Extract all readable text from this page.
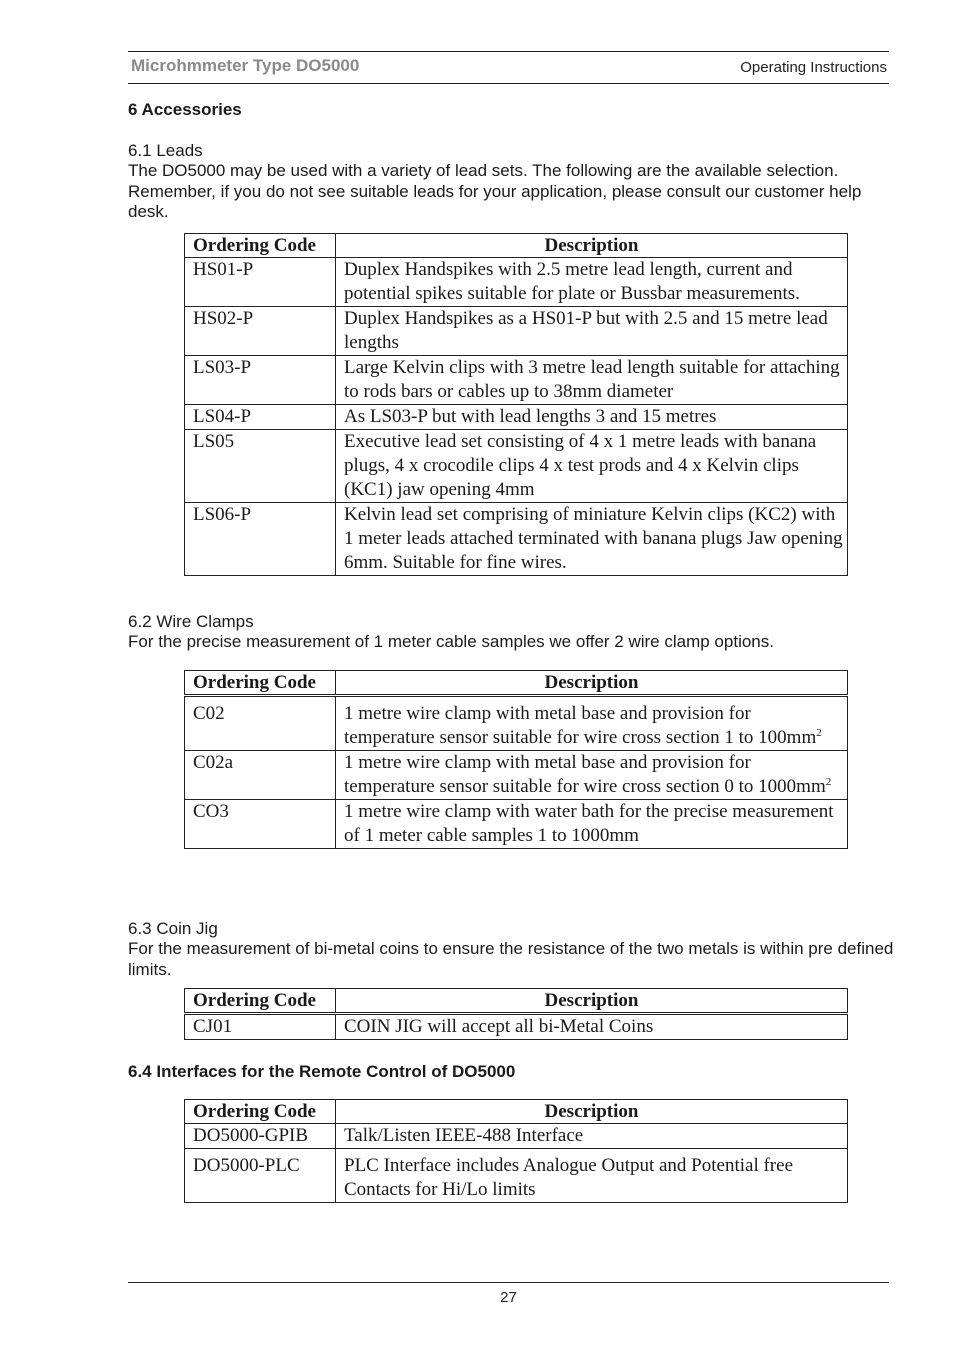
Microhmmeter Type DO5000	Operating Instructions
6 Accessories
6.1 Leads
The DO5000 may be used with a variety of lead sets. The following are the available selection. Remember, if you do not see suitable leads for your application, please consult our customer help desk.
Ordering Code	Description
HS01-P	Duplex Handspikes with 2.5 metre lead length, current and potential spikes suitable for plate or Bussbar measurements.
HS02-P	Duplex Handspikes as a HS01-P but with 2.5 and 15 metre lead lengths
LS03-P	Large Kelvin clips with 3 metre lead length suitable for attaching to rods bars or cables up to 38mm diameter
LS04-P	As LS03-P but with lead lengths 3 and 15 metres
LS05	Executive lead set consisting of 4 x 1 metre leads with banana plugs, 4 x crocodile clips 4 x test prods and 4 x Kelvin clips (KC1) jaw opening 4mm
LS06-P	Kelvin lead set comprising of miniature Kelvin clips (KC2) with 1 meter leads attached terminated with banana plugs Jaw opening 6mm. Suitable for fine wires.
6.2 Wire Clamps
For the precise measurement of 1 meter cable samples we offer 2 wire clamp options.
Ordering Code	Description
C02	1 metre wire clamp with metal base and provision for temperature sensor suitable for wire cross section 1 to $100mm^2$
C02a	1 metre wire clamp with metal base and provision for temperature sensor suitable for wire cross section 0 to $1000mm^2$
CO3	1 metre wire clamp with water bath for the precise measurement of 1 meter cable samples 1 to 1000mm
6.3 Coin Jig
For the measurement of bi-metal coins to ensure the resistance of the two metals is within pre defined limits.
Ordering Code	Description
CJ01	COIN JIG will accept all bi-Metal Coins
6.4 Interfaces for the Remote Control of DO5000
Ordering Code	Description
DO5000-GPIB	Talk/Listen IEEE-488 Interface
DO5000-PLC	PLC Interface includes Analogue Output and Potential free Contacts for Hi/Lo limits
27
